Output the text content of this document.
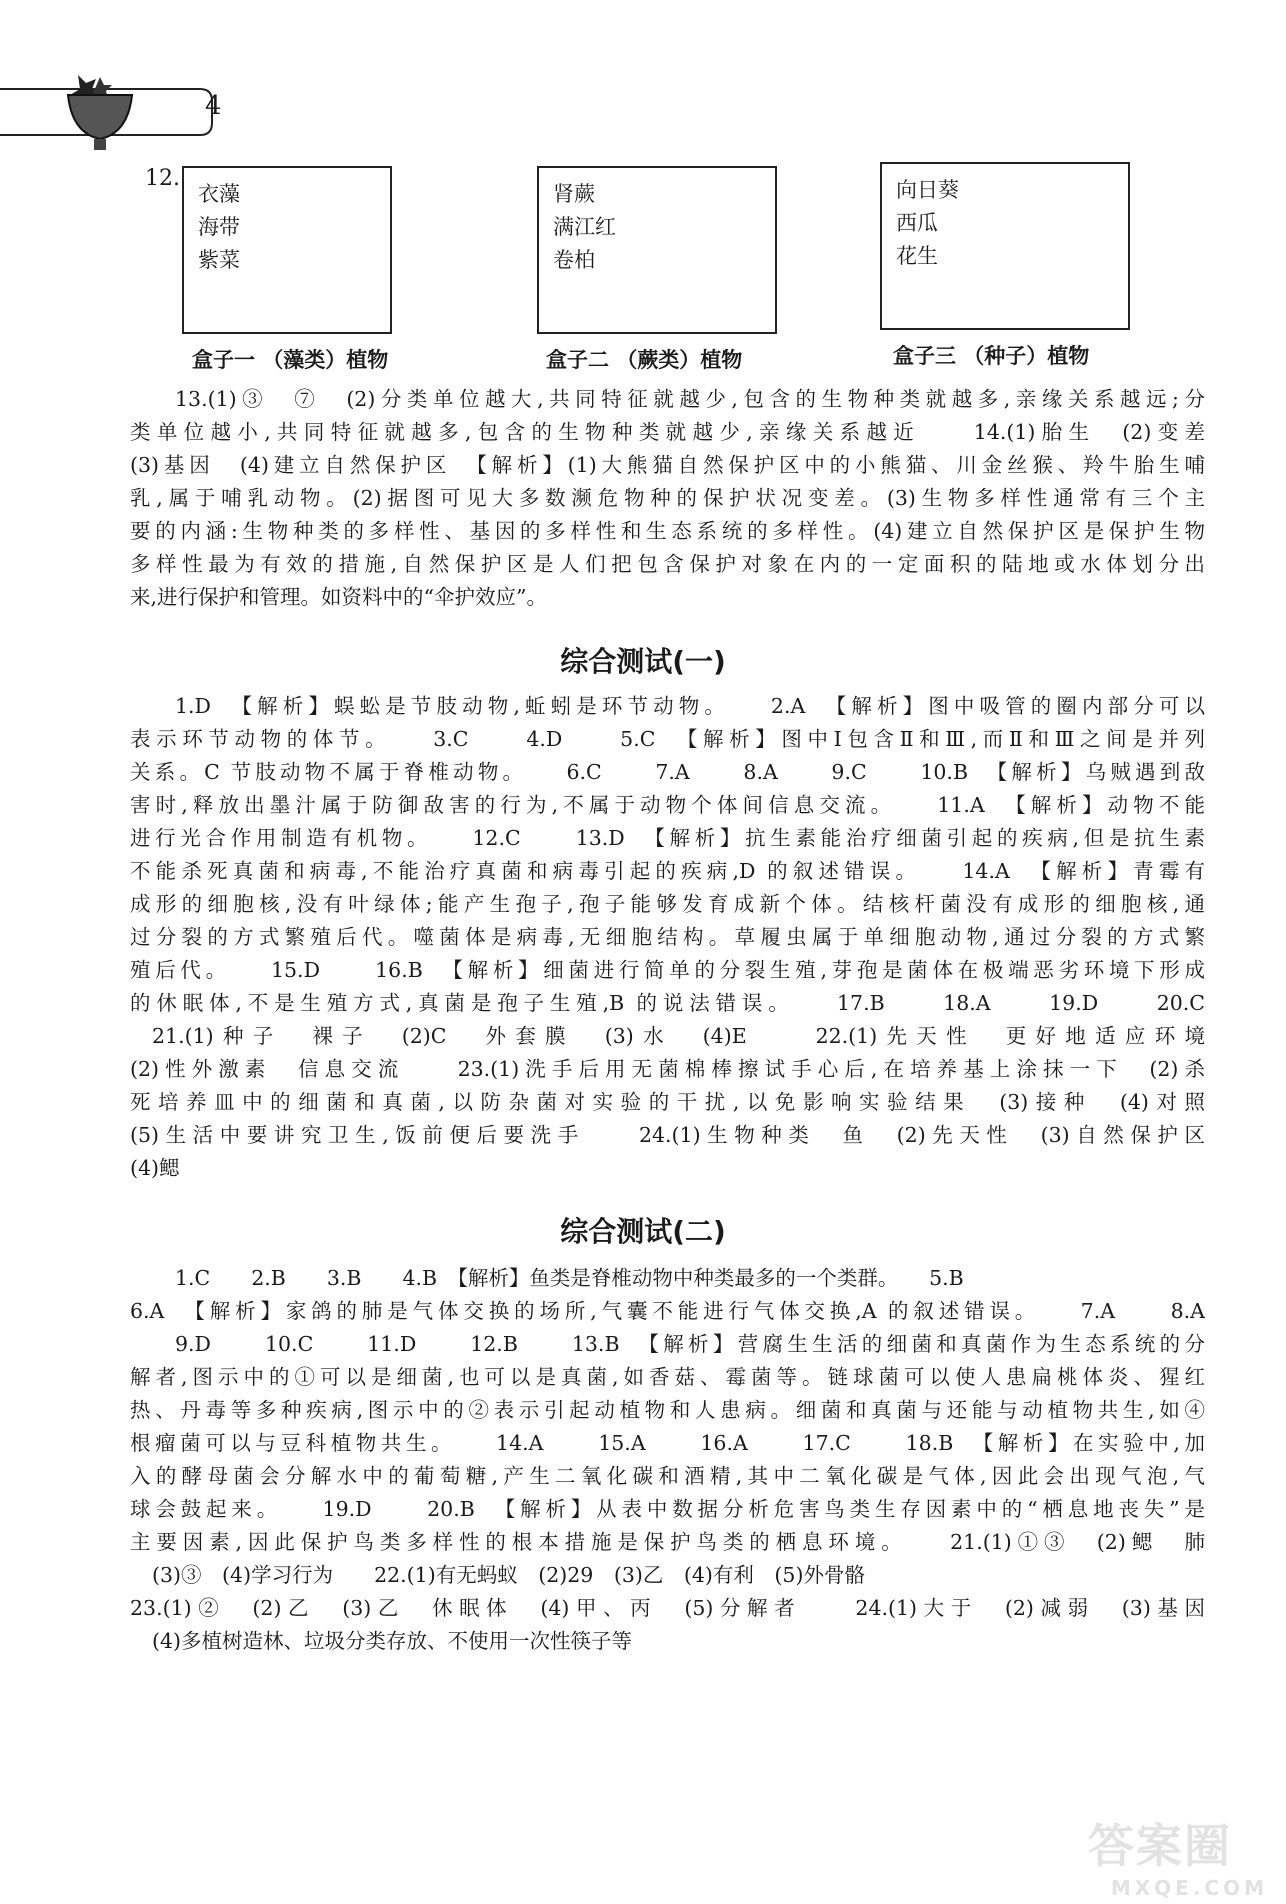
4
12.
衣藻
海带
紫菜
盒子一 （藻类）植物
肾蕨
满江红
卷柏
盒子二 （蕨类）植物
向日葵
西瓜
花生
盒子三 （种子）植物
13.(1)③　⑦　(2)分类单位越大,共同特征就越少,包含的生物种类就越多,亲缘关系越远;分
类单位越小,共同特征就越多,包含的生物种类就越少,亲缘关系越近　　14.(1)胎生　(2)变差
(3)基因　(4)建立自然保护区　【解析】(1)大熊猫自然保护区中的小熊猫、川金丝猴、羚牛胎生哺
乳,属于哺乳动物。(2)据图可见大多数濒危物种的保护状况变差。(3)生物多样性通常有三个主
要的内涵:生物种类的多样性、基因的多样性和生态系统的多样性。(4)建立自然保护区是保护生物
多样性最为有效的措施,自然保护区是人们把包含保护对象在内的一定面积的陆地或水体划分出
来,进行保护和管理。如资料中的“伞护效应”。
综合测试(一)
1.D　【解析】蜈蚣是节肢动物,蚯蚓是环节动物。　　2.A　【解析】图中吸管的圈内部分可以
表示环节动物的体节。　　3.C　　4.D　　5.C　【解析】图中Ⅰ包含Ⅱ和Ⅲ,而Ⅱ和Ⅲ之间是并列
关系。C 节肢动物不属于脊椎动物。　　6.C　　7.A　　8.A　　9.C　　10.B　【解析】乌贼遇到敌
害时,释放出墨汁属于防御敌害的行为,不属于动物个体间信息交流。　　11.A　【解析】动物不能
进行光合作用制造有机物。　　12.C　　13.D　【解析】抗生素能治疗细菌引起的疾病,但是抗生素
不能杀死真菌和病毒,不能治疗真菌和病毒引起的疾病,D 的叙述错误。　　14.A　【解析】青霉有
成形的细胞核,没有叶绿体;能产生孢子,孢子能够发育成新个体。结核杆菌没有成形的细胞核,通
过分裂的方式繁殖后代。噬菌体是病毒,无细胞结构。草履虫属于单细胞动物,通过分裂的方式繁
殖后代。　　15.D　　16.B　【解析】细菌进行简单的分裂生殖,芽孢是菌体在极端恶劣环境下形成
的休眠体,不是生殖方式,真菌是孢子生殖,B 的说法错误。　　17.B　　18.A　　19.D　　20.C
21.(1)种子　裸子　(2)C　外套膜　(3)水　(4)E　　22.(1)先天性　更好地适应环境
(2)性外激素　信息交流　　23.(1)洗手后用无菌棉棒擦试手心后,在培养基上涂抹一下　(2)杀
死培养皿中的细菌和真菌,以防杂菌对实验的干扰,以免影响实验结果　(3)接种　(4)对照
(5)生活中要讲究卫生,饭前便后要洗手　　24.(1)生物种类　鱼　(2)先天性　(3)自然保护区
(4)鳃
综合测试(二)
1.C　　2.B　　3.B　　4.B　【解析】鱼类是脊椎动物中种类最多的一个类群。　　5.B
6.A　【解析】家鸽的肺是气体交换的场所,气囊不能进行气体交换,A 的叙述错误。　　7.A　　8.A
9.D　　10.C　　11.D　　12.B　　13.B　【解析】营腐生生活的细菌和真菌作为生态系统的分
解者,图示中的①可以是细菌,也可以是真菌,如香菇、霉菌等。链球菌可以使人患扁桃体炎、猩红
热、丹毒等多种疾病,图示中的②表示引起动植物和人患病。细菌和真菌与还能与动植物共生,如④
根瘤菌可以与豆科植物共生。　　14.A　　15.A　　16.A　　17.C　　18.B　【解析】在实验中,加
入的酵母菌会分解水中的葡萄糖,产生二氧化碳和酒精,其中二氧化碳是气体,因此会出现气泡,气
球会鼓起来。　　19.D　　20.B　【解析】从表中数据分析危害鸟类生存因素中的“栖息地丧失”是
主要因素,因此保护鸟类多样性的根本措施是保护鸟类的栖息环境。　　21.(1)①③　(2)鳃　肺
(3)③　(4)学习行为　　22.(1)有无蚂蚁　(2)29　(3)乙　(4)有利　(5)外骨骼
23.(1)②　(2)乙　(3)乙　休眠体　(4)甲、丙　(5)分解者　　24.(1)大于　(2)减弱　(3)基因
(4)多植树造林、垃圾分类存放、不使用一次性筷子等
答案圈
MXQE.COM
